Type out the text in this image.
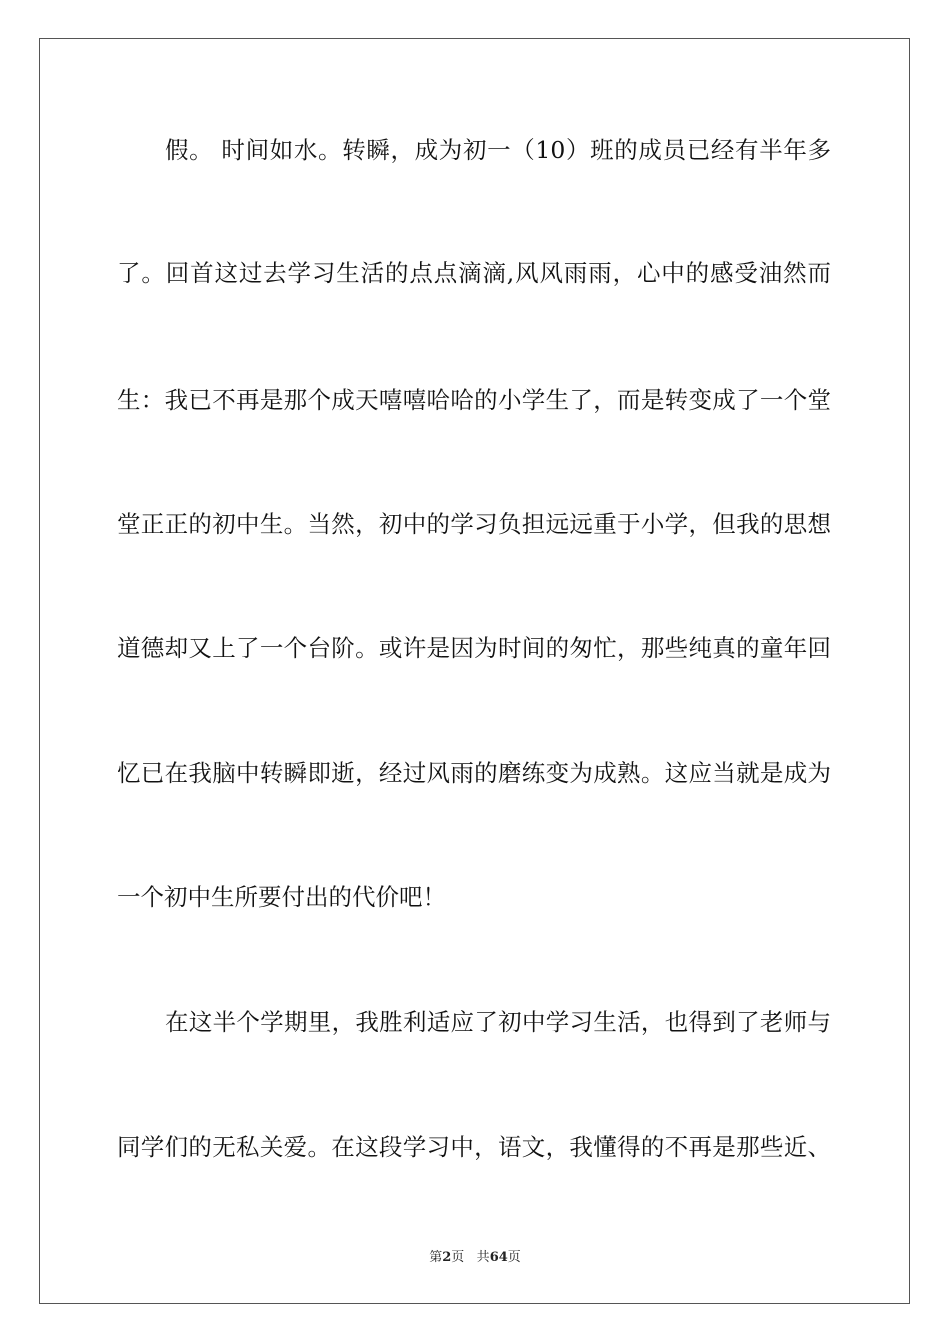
假。 时间如水。转瞬，成为初一（10）班的成员已经有半年多
了。回首这过去学习生活的点点滴滴,风风雨雨，心中的感受油然而
生：我已不再是那个成天嘻嘻哈哈的小学生了，而是转变成了一个堂
堂正正的初中生。当然，初中的学习负担远远重于小学，但我的思想
道德却又上了一个台阶。或许是因为时间的匆忙，那些纯真的童年回
忆已在我脑中转瞬即逝，经过风雨的磨练变为成熟。这应当就是成为
一个初中生所要付出的代价吧！
在这半个学期里，我胜利适应了初中学习生活，也得到了老师与
同学们的无私关爱。在这段学习中，语文，我懂得的不再是那些近、
第2页 共64页
